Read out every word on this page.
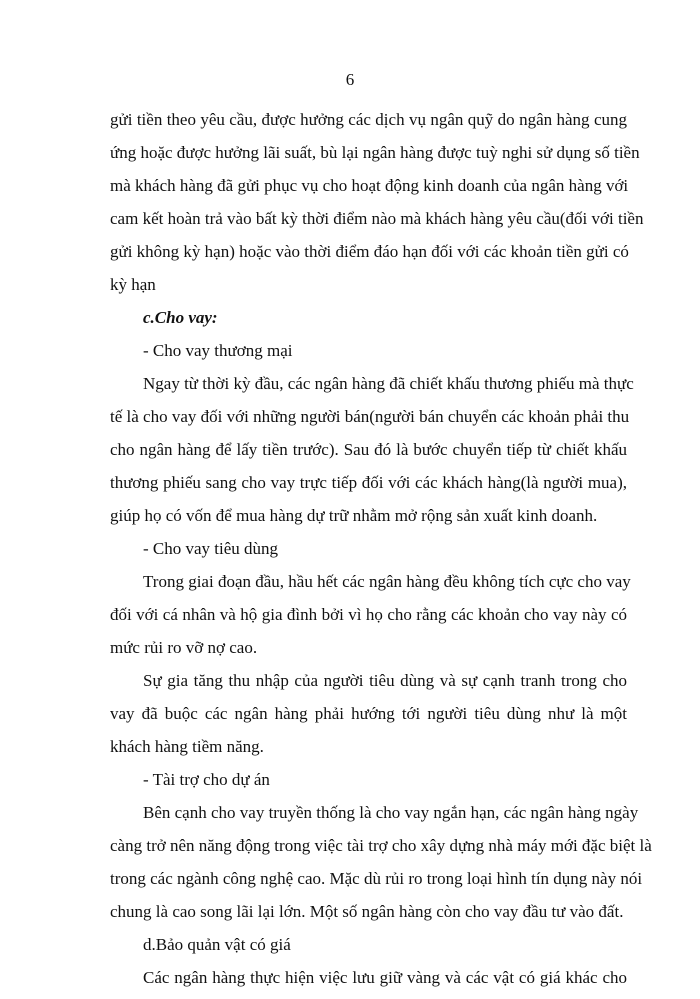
6
gửi tiền theo yêu cầu, được hưởng các dịch vụ ngân quỹ do ngân hàng cung
ứng hoặc được hưởng lãi suất, bù lại ngân hàng được tuỳ nghi sử dụng số tiền
mà khách hàng đã gửi phục vụ cho hoạt động kinh doanh của ngân hàng với
cam kết hoàn trả vào bất kỳ thời điểm nào mà khách hàng yêu cầu(đối với tiền
gửi không kỳ hạn) hoặc vào thời điểm đáo hạn đối với các khoản tiền gửi có
kỳ hạn
c.Cho vay:
- Cho vay thương mại
Ngay từ thời kỳ đầu, các ngân hàng đã chiết khấu thương phiếu mà thực
tế là cho vay đối với những người bán(người bán chuyển các khoản phải thu
cho ngân hàng để lấy tiền trước). Sau đó là bước chuyển tiếp từ chiết khấu
thương phiếu sang cho vay trực tiếp đối với các khách hàng(là người mua),
giúp họ có vốn để mua hàng dự trữ nhằm mở rộng sản xuất kinh doanh.
- Cho vay tiêu dùng
Trong giai đoạn đầu, hầu hết các ngân hàng đều không tích cực cho vay
đối với cá nhân và hộ gia đình bởi vì họ cho rằng các khoản cho vay này có
mức rủi ro vỡ nợ cao.
Sự gia tăng thu nhập của người tiêu dùng và sự cạnh tranh trong cho
vay đã buộc các ngân hàng phải hướng tới người tiêu dùng như là một
khách hàng tiềm năng.
- Tài trợ cho dự án
Bên cạnh cho vay truyền thống là cho vay ngắn hạn, các ngân hàng ngày
càng trở nên năng động trong việc tài trợ cho xây dựng nhà máy mới đặc biệt là
trong các ngành công nghệ cao. Mặc dù rủi ro trong loại hình tín dụng này nói
chung là cao song lãi lại lớn. Một số ngân hàng còn cho vay đầu tư vào đất.
d.Bảo quản vật có giá
Các ngân hàng thực hiện việc lưu giữ vàng và các vật có giá khác cho
